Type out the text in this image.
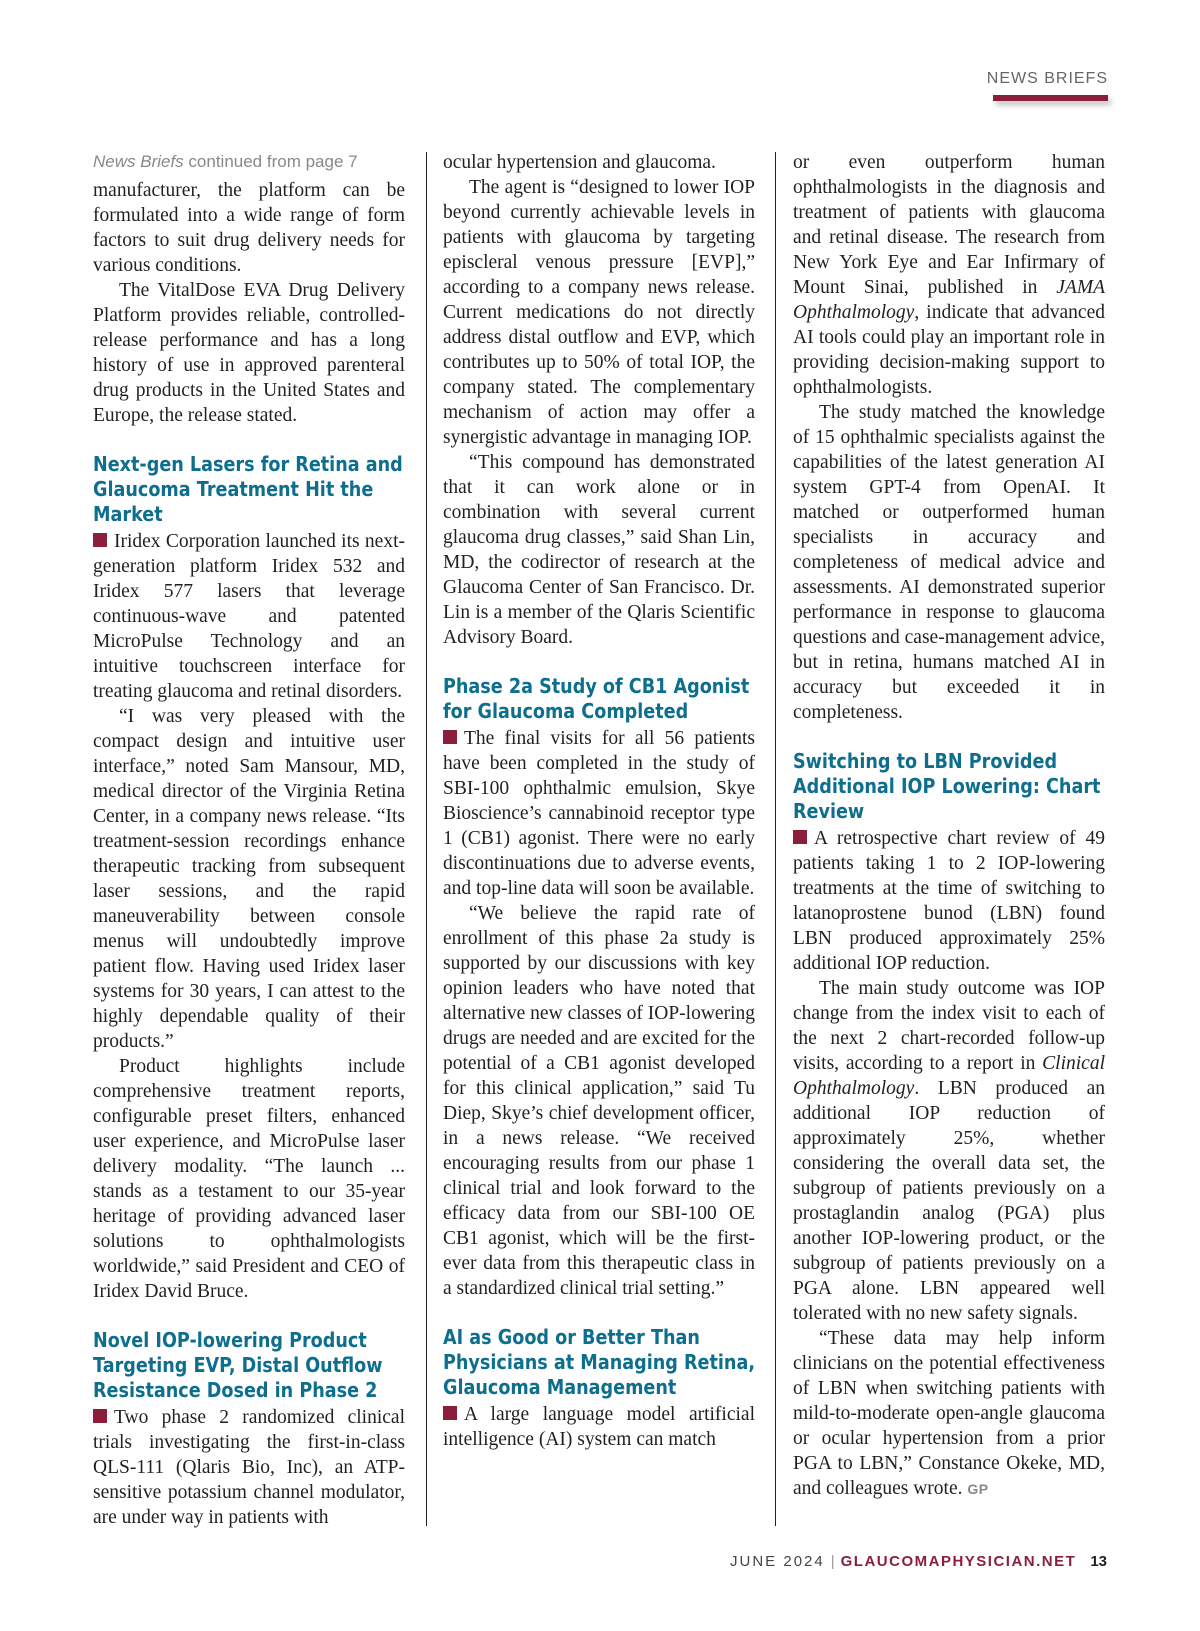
NEWS BRIEFS
News Briefs continued from page 7

manufacturer, the platform can be formulated into a wide range of form factors to suit drug delivery needs for various conditions.

The VitalDose EVA Drug Delivery Platform provides reliable, controlled-release performance and has a long history of use in approved parenteral drug products in the United States and Europe, the release stated.

Next-gen Lasers for Retina and Glaucoma Treatment Hit the Market

Iridex Corporation launched its next-generation platform Iridex 532 and Iridex 577 lasers that leverage continuous-wave and patented MicroPulse Technology and an intuitive touchscreen interface for treating glaucoma and retinal disorders.

“I was very pleased with the compact design and intuitive user interface,” noted Sam Mansour, MD, medical director of the Virginia Retina Center, in a company news release. “Its treatment-session recordings enhance therapeutic tracking from subsequent laser sessions, and the rapid maneuverability between console menus will undoubtedly improve patient flow. Having used Iridex laser systems for 30 years, I can attest to the highly dependable quality of their products.”

Product highlights include comprehensive treatment reports, configurable preset filters, enhanced user experience, and MicroPulse laser delivery modality. “The launch ... stands as a testament to our 35-year heritage of providing advanced laser solutions to ophthalmologists worldwide,” said President and CEO of Iridex David Bruce.

Novel IOP-lowering Product Targeting EVP, Distal Outflow Resistance Dosed in Phase 2

Two phase 2 randomized clinical trials investigating the first-in-class QLS-111 (Qlaris Bio, Inc), an ATP-sensitive potassium channel modulator, are under way in patients with

ocular hypertension and glaucoma.

The agent is “designed to lower IOP beyond currently achievable levels in patients with glaucoma by targeting episcleral venous pressure [EVP],” according to a company news release. Current medications do not directly address distal outflow and EVP, which contributes up to 50% of total IOP, the company stated. The complementary mechanism of action may offer a synergistic advantage in managing IOP.

“This compound has demonstrated that it can work alone or in combination with several current glaucoma drug classes,” said Shan Lin, MD, the codirector of research at the Glaucoma Center of San Francisco. Dr. Lin is a member of the Qlaris Scientific Advisory Board.

Phase 2a Study of CB1 Agonist for Glaucoma Completed

The final visits for all 56 patients have been completed in the study of SBI-100 ophthalmic emulsion, Skye Bioscience’s cannabinoid receptor type 1 (CB1) agonist. There were no early discontinuations due to adverse events, and top-line data will soon be available.

“We believe the rapid rate of enrollment of this phase 2a study is supported by our discussions with key opinion leaders who have noted that alternative new classes of IOP-lowering drugs are needed and are excited for the potential of a CB1 agonist developed for this clinical application,” said Tu Diep, Skye’s chief development officer, in a news release. “We received encouraging results from our phase 1 clinical trial and look forward to the efficacy data from our SBI-100 OE CB1 agonist, which will be the first-ever data from this therapeutic class in a standardized clinical trial setting.”

AI as Good or Better Than Physicians at Managing Retina, Glaucoma Management

A large language model artificial intelligence (AI) system can match

or even outperform human ophthalmologists in the diagnosis and treatment of patients with glaucoma and retinal disease. The research from New York Eye and Ear Infirmary of Mount Sinai, published in JAMA Ophthalmology, indicate that advanced AI tools could play an important role in providing decision-making support to ophthalmologists.

The study matched the knowledge of 15 ophthalmic specialists against the capabilities of the latest generation AI system GPT-4 from OpenAI. It matched or outperformed human specialists in accuracy and completeness of medical advice and assessments. AI demonstrated superior performance in response to glaucoma questions and case-management advice, but in retina, humans matched AI in accuracy but exceeded it in completeness.

Switching to LBN Provided Additional IOP Lowering: Chart Review

A retrospective chart review of 49 patients taking 1 to 2 IOP-lowering treatments at the time of switching to latanoprostene bunod (LBN) found LBN produced approximately 25% additional IOP reduction.

The main study outcome was IOP change from the index visit to each of the next 2 chart-recorded follow-up visits, according to a report in Clinical Ophthalmology. LBN produced an additional IOP reduction of approximately 25%, whether considering the overall data set, the subgroup of patients previously on a prostaglandin analog (PGA) plus another IOP-lowering product, or the subgroup of patients previously on a PGA alone. LBN appeared well tolerated with no new safety signals.

“These data may help inform clinicians on the potential effectiveness of LBN when switching patients with mild-to-moderate open-angle glaucoma or ocular hypertension from a prior PGA to LBN,” Constance Okeke, MD, and colleagues wrote. GP

JUNE 2024 | GLAUCOMAPHYSICIAN.NET 13
